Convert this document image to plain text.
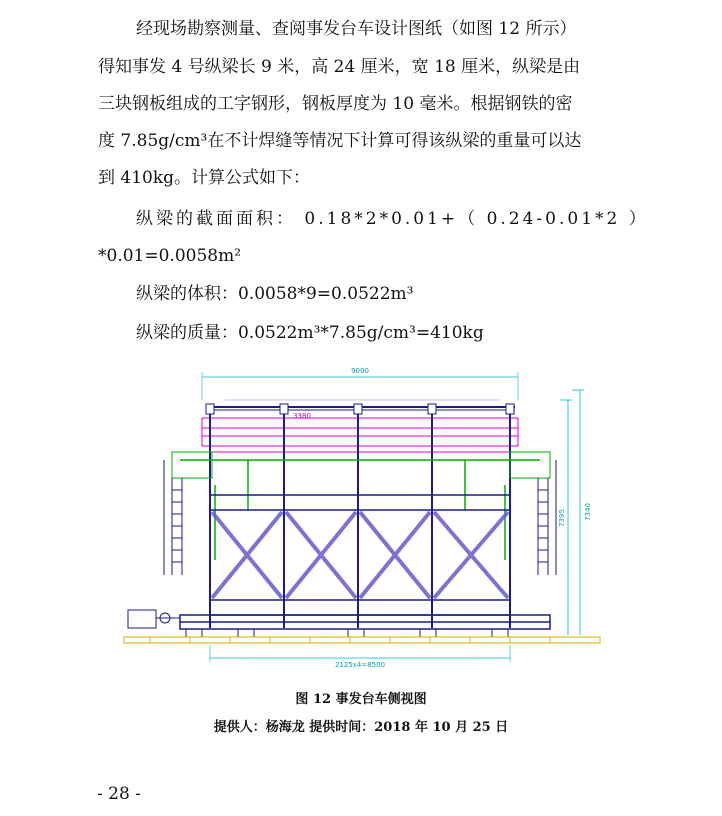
经现场勘察测量、查阅事发台车设计图纸（如图 12 所示）
得知事发 4 号纵梁长 9 米，高 24 厘米，宽 18 厘米，纵梁是由
三块钢板组成的工字钢形，钢板厚度为 10 毫米。根据钢铁的密
度 7.85g/cm³在不计焊缝等情况下计算可得该纵梁的重量可以达
到 410kg。计算公式如下：
纵梁的截面面积： 0.18*2*0.01+（ 0.24-0.01*2 ）
*0.01=0.0058m²
纵梁的体积：0.0058*9=0.0522m³
纵梁的质量：0.0522m³*7.85g/cm³=410kg
9000
3380
2125x4=8500
7395	7340
图 12 事发台车侧视图
提供人：杨海龙 提供时间：2018 年 10 月 25 日
- 28 -
